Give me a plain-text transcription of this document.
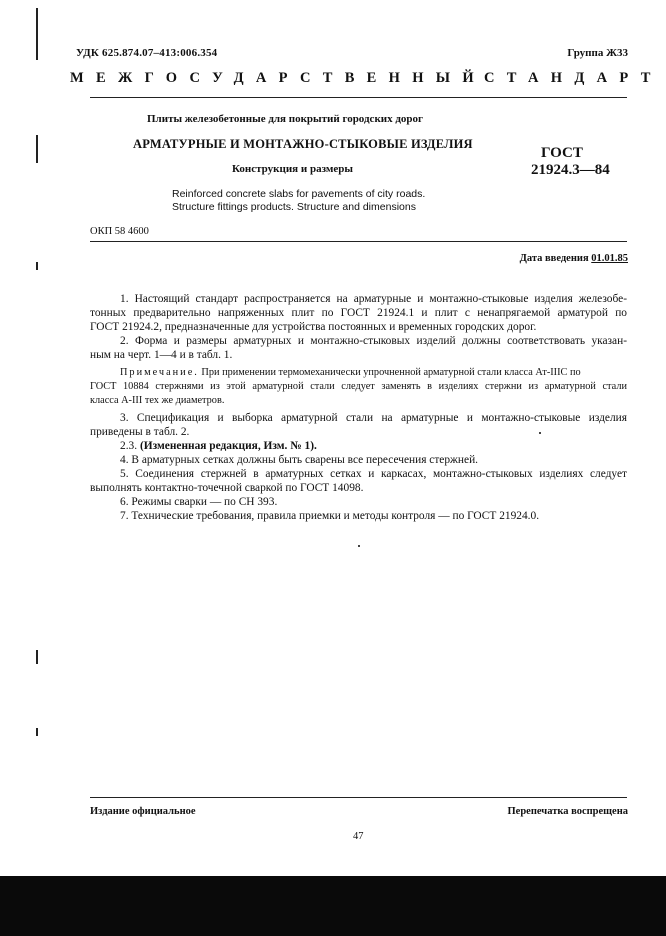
УДК 625.874.07–413:006.354	Группа Ж33
МЕЖГОСУДАРСТВЕННЫЙ
СТАНДАРТ
Плиты железобетонные для покрытий городских дорог
АРМАТУРНЫЕ И МОНТАЖНО-СТЫКОВЫЕ ИЗДЕЛИЯ
Конструкция и размеры
ГОСТ
21924.3—84
Reinforced concrete slabs for pavements of city roads.
Structure fittings products. Structure and dimensions
ОКП 58 4600
Дата введения 01.01.85
1. Настоящий стандарт распространяется на арматурные и монтажно-стыковые изделия железобе-
тонных предварительно напряженных плит по ГОСТ 21924.1 и плит с ненапрягаемой арматурой по
ГОСТ 21924.2, предназначенные для устройства постоянных и временных городских дорог.
2. Форма и размеры арматурных и монтажно-стыковых изделий должны соответствовать указан-
ным на черт. 1—4 и в табл. 1.
Примечание. При применении термомеханически упрочненной арматурной стали класса Ат-IIIС по
ГОСТ 10884 стержнями из этой арматурной стали следует заменять в изделиях стержни из арматурной стали
класса А-III тех же диаметров.
3. Спецификация и выборка арматурной стали на арматурные и монтажно-стыковые изделия
приведены в табл. 2.
2.3. (Измененная редакция, Изм. № 1).
4. В арматурных сетках должны быть сварены все пересечения стержней.
5. Соединения стержней в арматурных сетках и каркасах, монтажно-стыковых изделиях следует
выполнять контактно-точечной сваркой по ГОСТ 14098.
6. Режимы сварки — по СН 393.
7. Технические требования, правила приемки и методы контроля — по ГОСТ 21924.0.
Издание официальное	Перепечатка воспрещена
47
